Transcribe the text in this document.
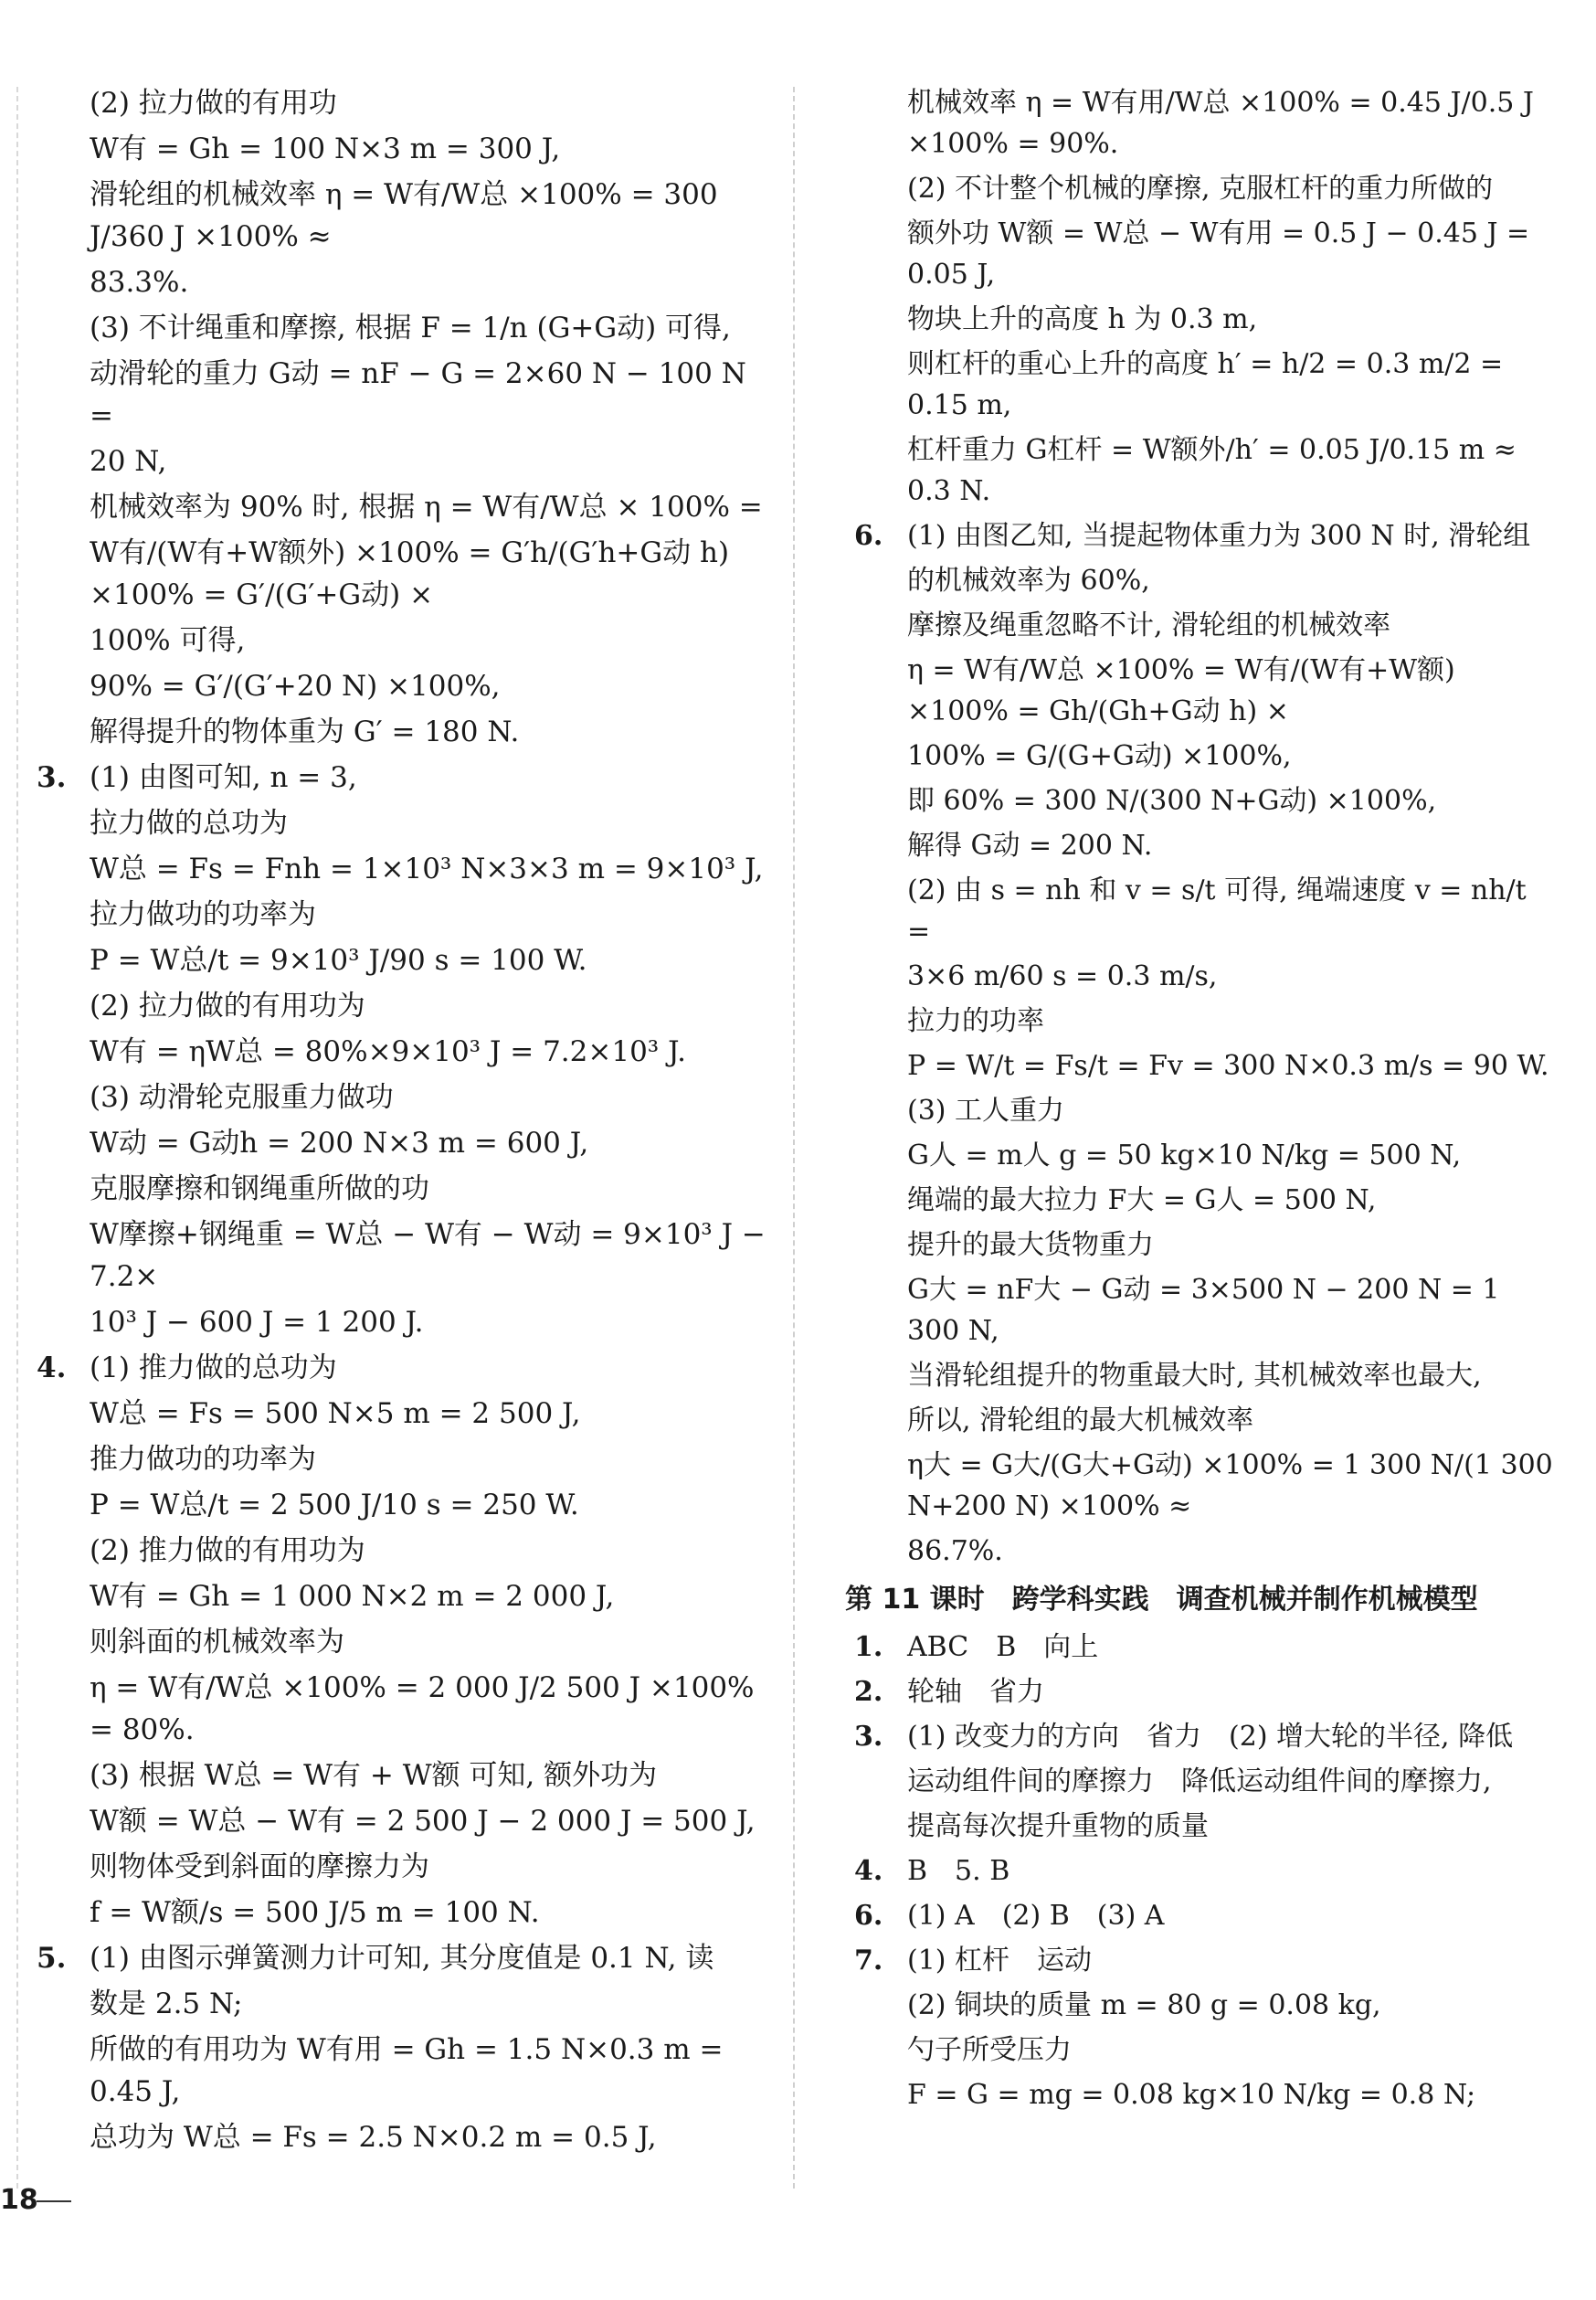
(2) 拉力做的有用功
W有 = Gh = 100 N×3 m = 300 J,
滑轮组的机械效率 η = W有/W总 ×100% = 300 J/360 J ×100% ≈
83.3%.
(3) 不计绳重和摩擦, 根据 F = 1/n (G+G动) 可得,
动滑轮的重力 G动 = nF − G = 2×60 N − 100 N =
20 N,
机械效率为 90% 时, 根据 η = W有/W总 × 100% =
W有/(W有+W额外) ×100% = G′h/(G′h+G动 h) ×100% = G′/(G′+G动) ×
100% 可得,
90% = G′/(G′+20 N) ×100%,
解得提升的物体重为 G′ = 180 N.
3. (1) 由图可知, n = 3,
拉力做的总功为
W总 = Fs = Fnh = 1×10³ N×3×3 m = 9×10³ J,
拉力做功的功率为
P = W总/t = 9×10³ J/90 s = 100 W.
(2) 拉力做的有用功为
W有 = ηW总 = 80%×9×10³ J = 7.2×10³ J.
(3) 动滑轮克服重力做功
W动 = G动h = 200 N×3 m = 600 J,
克服摩擦和钢绳重所做的功
W摩擦+钢绳重 = W总 − W有 − W动 = 9×10³ J − 7.2×
10³ J − 600 J = 1 200 J.
4. (1) 推力做的总功为
W总 = Fs = 500 N×5 m = 2 500 J,
推力做功的功率为
P = W总/t = 2 500 J/10 s = 250 W.
(2) 推力做的有用功为
W有 = Gh = 1 000 N×2 m = 2 000 J,
则斜面的机械效率为
η = W有/W总 ×100% = 2 000 J/2 500 J ×100% = 80%.
(3) 根据 W总 = W有 + W额 可知, 额外功为
W额 = W总 − W有 = 2 500 J − 2 000 J = 500 J,
则物体受到斜面的摩擦力为
f = W额/s = 500 J/5 m = 100 N.
5. (1) 由图示弹簧测力计可知, 其分度值是 0.1 N, 读
数是 2.5 N;
所做的有用功为 W有用 = Gh = 1.5 N×0.3 m = 0.45 J,
总功为 W总 = Fs = 2.5 N×0.2 m = 0.5 J,
机械效率 η = W有用/W总 ×100% = 0.45 J/0.5 J ×100% = 90%.
(2) 不计整个机械的摩擦, 克服杠杆的重力所做的
额外功 W额 = W总 − W有用 = 0.5 J − 0.45 J = 0.05 J,
物块上升的高度 h 为 0.3 m,
则杠杆的重心上升的高度 h′ = h/2 = 0.3 m/2 = 0.15 m,
杠杆重力 G杠杆 = W额外/h′ = 0.05 J/0.15 m ≈ 0.3 N.
6. (1) 由图乙知, 当提起物体重力为 300 N 时, 滑轮组
的机械效率为 60%,
摩擦及绳重忽略不计, 滑轮组的机械效率
η = W有/W总 ×100% = W有/(W有+W额) ×100% = Gh/(Gh+G动 h) ×
100% = G/(G+G动) ×100%,
即 60% = 300 N/(300 N+G动) ×100%,
解得 G动 = 200 N.
(2) 由 s = nh 和 v = s/t 可得, 绳端速度 v = nh/t =
3×6 m/60 s = 0.3 m/s,
拉力的功率
P = W/t = Fs/t = Fv = 300 N×0.3 m/s = 90 W.
(3) 工人重力
G人 = m人 g = 50 kg×10 N/kg = 500 N,
绳端的最大拉力 F大 = G人 = 500 N,
提升的最大货物重力
G大 = nF大 − G动 = 3×500 N − 200 N = 1 300 N,
当滑轮组提升的物重最大时, 其机械效率也最大,
所以, 滑轮组的最大机械效率
η大 = G大/(G大+G动) ×100% = 1 300 N/(1 300 N+200 N) ×100% ≈
86.7%.
第 11 课时　跨学科实践　调查机械并制作机械模型
1. ABC　B　向上
2. 轮轴　省力
3. (1) 改变力的方向　省力　(2) 增大轮的半径, 降低
运动组件间的摩擦力　降低运动组件间的摩擦力,
提高每次提升重物的质量
4. B　5. B
6. (1) A　(2) B　(3) A
7. (1) 杠杆　运动
(2) 铜块的质量 m = 80 g = 0.08 kg,
勺子所受压力
F = G = mg = 0.08 kg×10 N/kg = 0.8 N;
18
